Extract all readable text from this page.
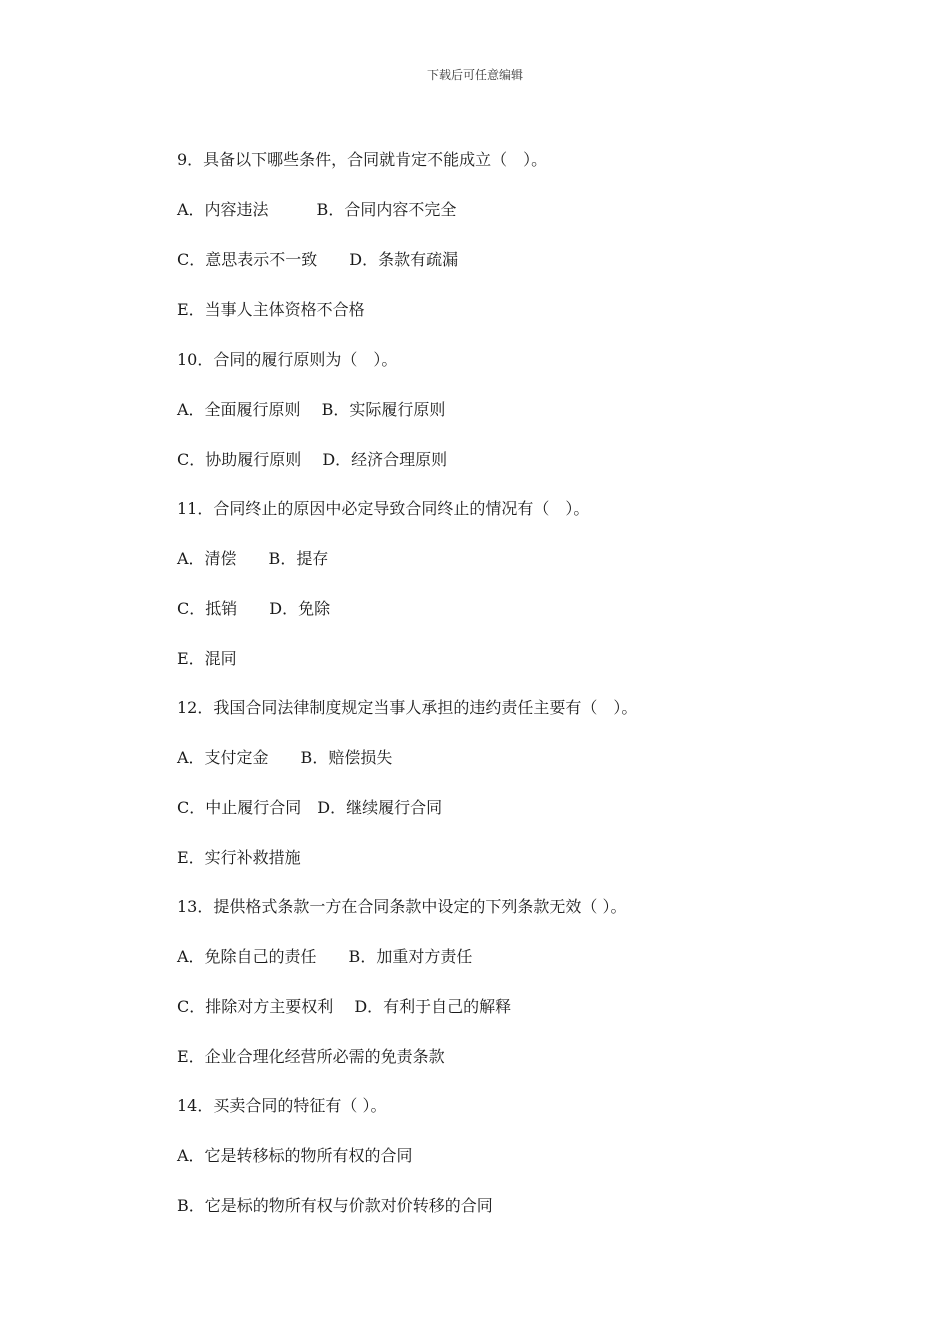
下载后可任意编辑
9．具备以下哪些条件，合同就肯定不能成立（　）。
A．内容违法　　　B．合同内容不完全
C．意思表示不一致　　D．条款有疏漏
E．当事人主体资格不合格
10．合同的履行原则为（　）。
A．全面履行原则　 B．实际履行原则
C．协助履行原则　 D．经济合理原则
11．合同终止的原因中必定导致合同终止的情况有（　）。
A．清偿　　B．提存
C．抵销　　D．免除
E．混同
12．我国合同法律制度规定当事人承担的违约责任主要有（　）。
A．支付定金　　B．赔偿损失
C．中止履行合同　D．继续履行合同
E．实行补救措施
13．提供格式条款一方在合同条款中设定的下列条款无效（ ）。
A．免除自己的责任　　B．加重对方责任
C．排除对方主要权利　 D．有利于自己的解释
E．企业合理化经营所必需的免责条款
14．买卖合同的特征有（ ）。
A．它是转移标的物所有权的合同
B．它是标的物所有权与价款对价转移的合同
